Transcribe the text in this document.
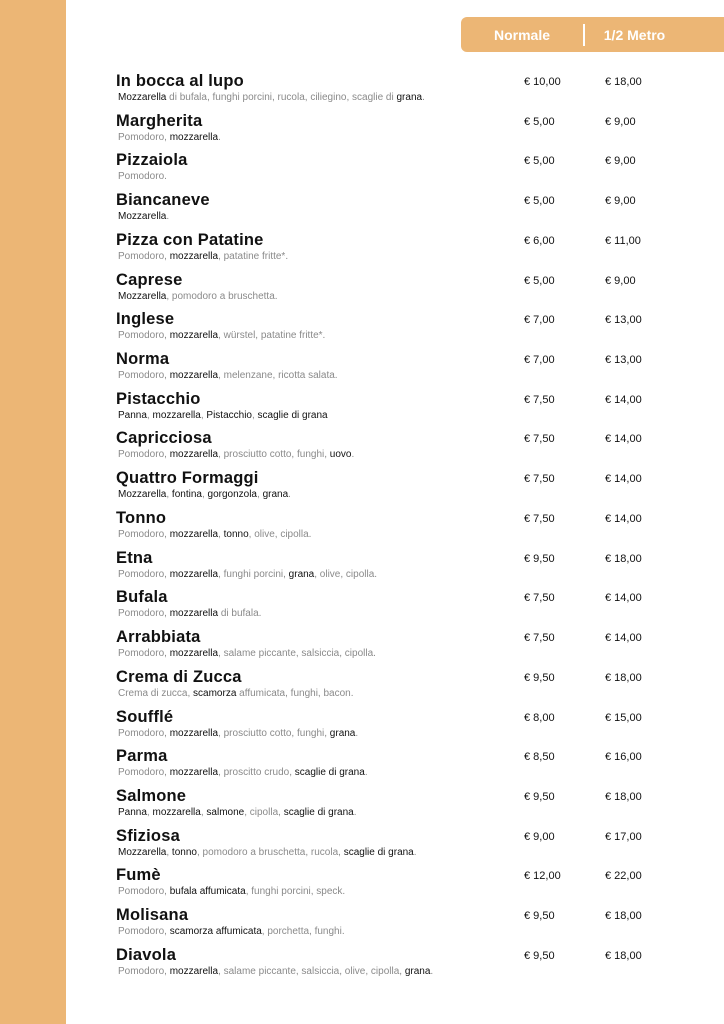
Normale	1/2 Metro
In bocca al lupo
Mozzarella di bufala, funghi porcini, rucola, ciliegino, scaglie di grana.
€ 10,00	€ 18,00
Margherita
Pomodoro, mozzarella.
€ 5,00	€ 9,00
Pizzaiola
Pomodoro.
€ 5,00	€ 9,00
Biancaneve
Mozzarella.
€ 5,00	€ 9,00
Pizza con Patatine
Pomodoro, mozzarella, patatine fritte*.
€ 6,00	€ 11,00
Caprese
Mozzarella, pomodoro a bruschetta.
€ 5,00	€ 9,00
Inglese
Pomodoro, mozzarella, würstel, patatine fritte*.
€ 7,00	€ 13,00
Norma
Pomodoro, mozzarella, melenzane, ricotta salata.
€ 7,00	€ 13,00
Pistacchio
Panna, mozzarella, Pistacchio, scaglie di grana
€ 7,50	€ 14,00
Capricciosa
Pomodoro, mozzarella, prosciutto cotto, funghi, uovo.
€ 7,50	€ 14,00
Quattro Formaggi
Mozzarella, fontina, gorgonzola, grana.
€ 7,50	€ 14,00
Tonno
Pomodoro, mozzarella, tonno, olive, cipolla.
€ 7,50	€ 14,00
Etna
Pomodoro, mozzarella, funghi porcini, grana, olive, cipolla.
€ 9,50	€ 18,00
Bufala
Pomodoro, mozzarella di bufala.
€ 7,50	€ 14,00
Arrabbiata
Pomodoro, mozzarella, salame piccante, salsiccia, cipolla.
€ 7,50	€ 14,00
Crema di Zucca
Crema di zucca, scamorza affumicata, funghi, bacon.
€ 9,50	€ 18,00
Soufflé
Pomodoro, mozzarella, prosciutto cotto, funghi, grana.
€ 8,00	€ 15,00
Parma
Pomodoro, mozzarella, proscitto crudo, scaglie di grana.
€ 8,50	€ 16,00
Salmone
Panna, mozzarella, salmone, cipolla, scaglie di grana.
€ 9,50	€ 18,00
Sfiziosa
Mozzarella, tonno, pomodoro a bruschetta, rucola, scaglie di grana.
€ 9,00	€ 17,00
Fumè
Pomodoro, bufala affumicata, funghi porcini, speck.
€ 12,00	€ 22,00
Molisana
Pomodoro, scamorza affumicata, porchetta, funghi.
€ 9,50	€ 18,00
Diavola
Pomodoro, mozzarella, salame piccante, salsiccia, olive, cipolla, grana.
€ 9,50	€ 18,00
